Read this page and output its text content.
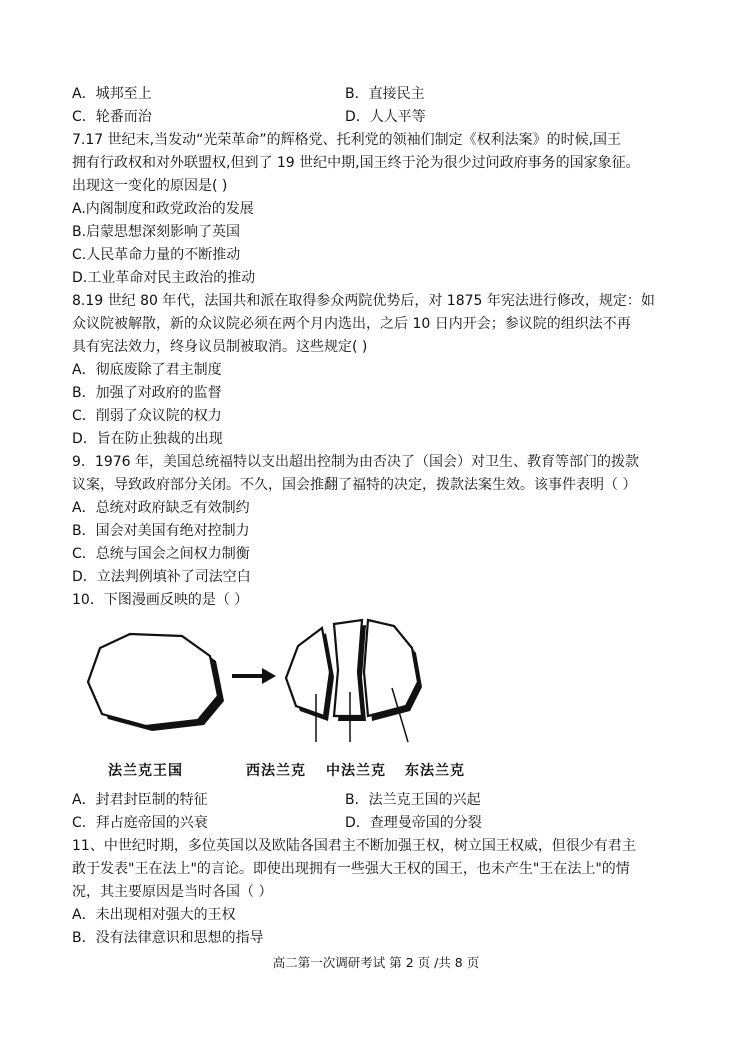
A．城邦至上	B．直接民主
C．轮番而治	D．人人平等
7.17 世纪末,当发动“光荣革命”的辉格党、托利党的领袖们制定《权利法案》的时候,国王
拥有行政权和对外联盟权,但到了 19 世纪中期,国王终于沦为很少过问政府事务的国家象征。
出现这一变化的原因是( )
A.内阁制度和政党政治的发展
B.启蒙思想深刻影响了英国
C.人民革命力量的不断推动
D.工业革命对民主政治的推动
8.19 世纪 80 年代，法国共和派在取得参众两院优势后，对 1875 年宪法进行修改，规定：如
众议院被解散，新的众议院必须在两个月内选出，之后 10 日内开会；参议院的组织法不再
具有宪法效力，终身议员制被取消。这些规定( )
A．彻底废除了君主制度
B．加强了对政府的监督
C．削弱了众议院的权力
D．旨在防止独裁的出现
9．1976 年，美国总统福特以支出超出控制为由否决了（国会）对卫生、教育等部门的拨款
议案，导致政府部分关闭。不久，国会推翻了福特的决定，拨款法案生效。该事件表明（ ）
A．总统对政府缺乏有效制约
B．国会对美国有绝对控制力
C．总统与国会之间权力制衡
D．立法判例填补了司法空白
10．下图漫画反映的是（ ）
法兰克王国	西法兰克 中法兰克 东法兰克
A．封君封臣制的特征	B．法兰克王国的兴起
C．拜占庭帝国的兴衰	D．查理曼帝国的分裂
11、中世纪时期，多位英国以及欧陆各国君主不断加强王权，树立国王权威，但很少有君主
敢于发表"王在法上"的言论。即使出现拥有一些强大王权的国王，也未产生"王在法上"的情
况，其主要原因是当时各国（ ）
A．未出现相对强大的王权
B．没有法律意识和思想的指导
高二第一次调研考试 第 2 页 /共 8 页
